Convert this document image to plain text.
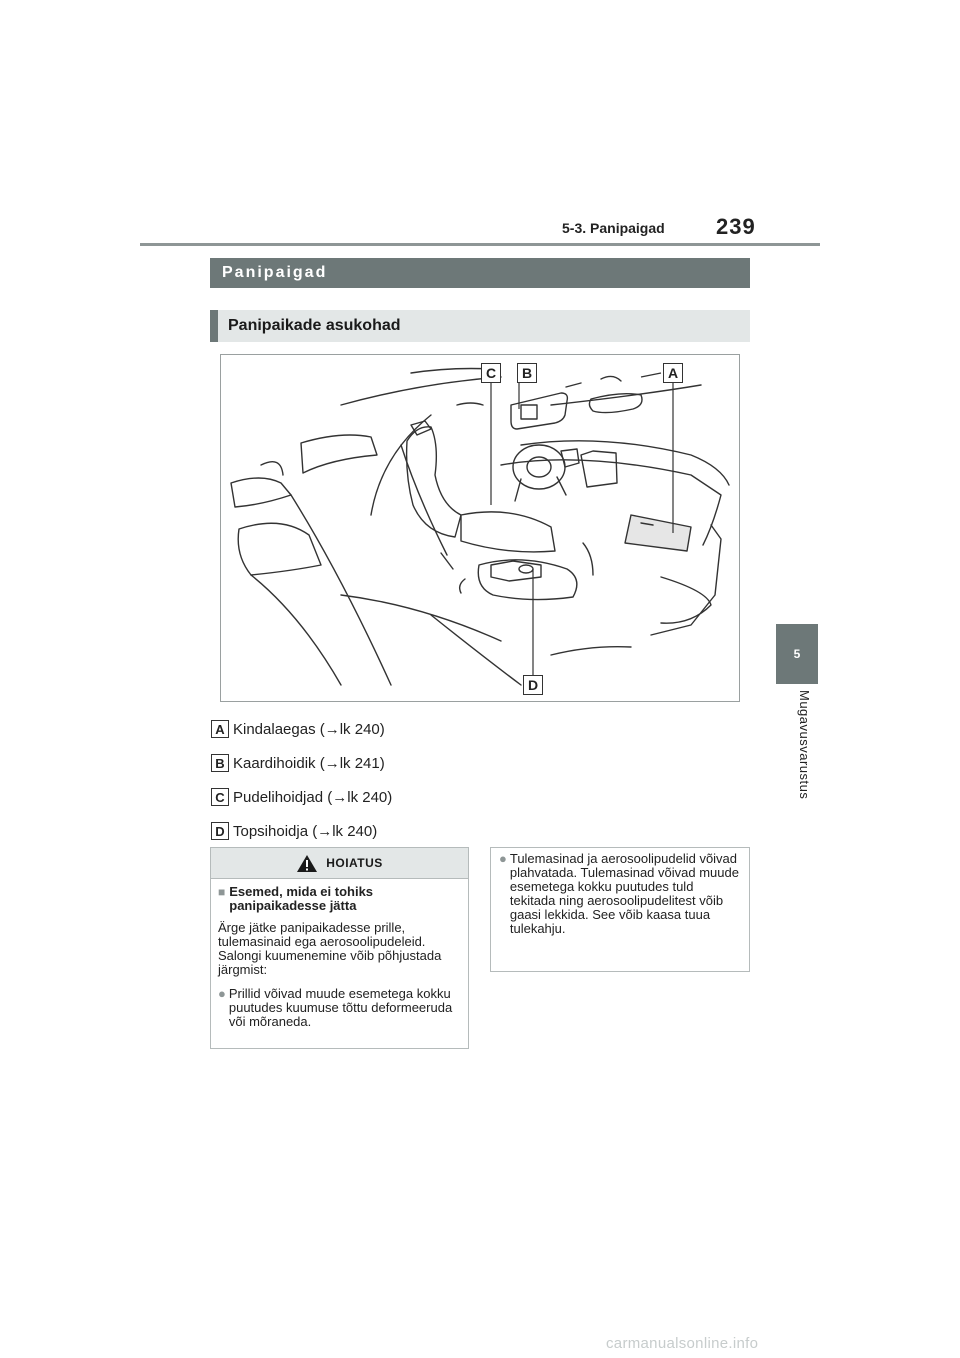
5-3. Panipaigad 239
5
Mugavusvarustus
Panipaigad
Panipaikade asukohad
C	B	A
D
A Kindalaegas (→lk 240)
B Kaardihoidik (→lk 241)
C Pudelihoidjad (→lk 240)
D Topsihoidja (→lk 240)
HOIATUS
■ Esemed, mida ei tohiks panipaikadesse jätta

Ärge jätke panipaikadesse prille, tulemasinaid ega aerosoolipudeleid. Salongi kuumenemine võib põhjustada järgmist:

● Prillid võivad muude esemetega kokku puutudes kuumuse tõttu deformeeruda või mõraneda.
● Tulemasinad ja aerosoolipudelid võivad plahvatada. Tulemasinad võivad muude esemetega kokku puutudes tuld tekitada ning aerosoolipudelitest võib gaasi lekkida. See võib kaasa tuua tulekahju.
carmanualsonline.info
